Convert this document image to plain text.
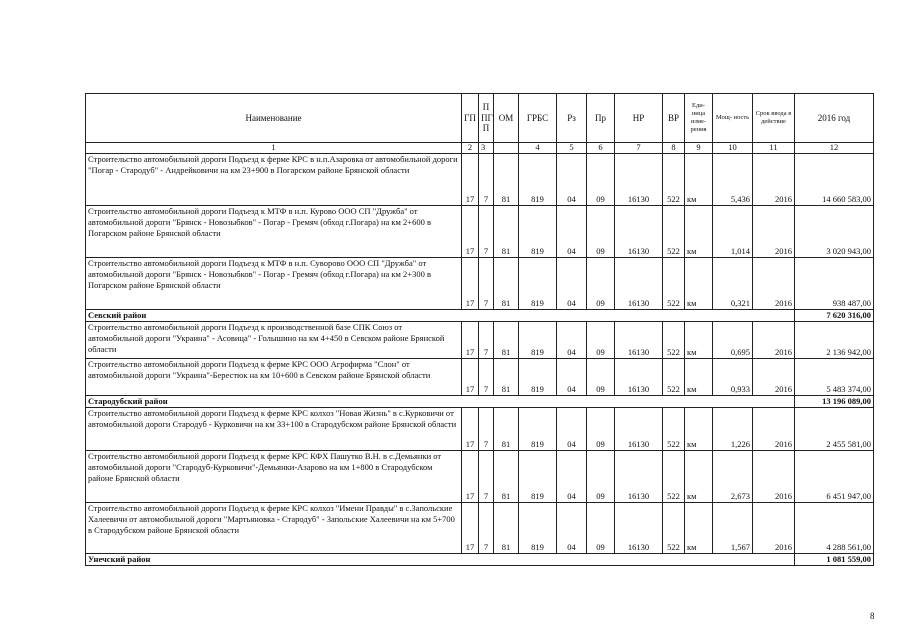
Наименование	ГП	П ПГ П	ОМ	ГРБС	Рз	Пр	НР	ВР	Еди- ница изме- рения	Мощ- ность	Срок ввода в действие	2016 год
1	2	3		4	5	6	7	8	9	10	11	12
Строительство автомобильной дороги Подъезд к ферме КРС в н.п.Азаровка от автомобильной дороги "Погар - Стародуб" - Андрейковичи на км 23+900 в Погарском районе Брянской области	17	7	81	819	04	09	16130	522	км	5,436	2016	14 660 583,00
Строительство автомобильной дороги Подъезд к МТФ в н.п. Курово ООО СП "Дружба" от автомобильной дороги "Брянск - Новозыбков" - Погар - Гремяч (обход г.Погара) на км 2+600 в Погарском районе Брянской области	17	7	81	819	04	09	16130	522	км	1,014	2016	3 020 943,00
Строительство автомобильной дороги Подъезд к МТФ в н.п. Суворово ООО СП "Дружба" от автомобильной дороги "Брянск - Новозыбков" - Погар - Гремяч (обход г.Погара) на км 2+300 в Погарском районе Брянской области	17	7	81	819	04	09	16130	522	км	0,321	2016	938 487,00
Севский район												7 620 316,00
Строительство автомобильной дороги Подъезд к производственной базе СПК Союз от автомобильной дороги "Украина" - Асовица" - Голышино на км 4+450 в Севском районе Брянской области	17	7	81	819	04	09	16130	522	км	0,695	2016	2 136 942,00
Строительство автомобильной дороги Подъезд к ферме КРС ООО Агрофирма "Слон" от автомобильной дороги "Украина"-Берестюк на км 10+600 в Севском районе Брянской области	17	7	81	819	04	09	16130	522	км	0,933	2016	5 483 374,00
Стародубский район												13 196 089,00
Строительство автомобильной дороги Подъезд к ферме КРС колхоз "Новая Жизнь" в с.Курковичи от автомобильной дороги Стародуб - Курковичи на км 33+100 в Стародубском районе Брянской области	17	7	81	819	04	09	16130	522	км	1,226	2016	2 455 581,00
Строительство автомобильной дороги Подъезд к ферме КРС КФХ Пашутко В.Н. в с.Демьянки от автомобильной дороги "Стародуб-Курковичи"-Демьянки-Азарово на км 1+800 в Стародубском районе Брянской области	17	7	81	819	04	09	16130	522	км	2,673	2016	6 451 947,00
Строительство автомобильной дороги Подъезд к ферме КРС колхоз "Имени Правды" в с.Запольские Халеевичи от автомобильной дороги "Мартьяновка - Стародуб" - Запольские Халеевичи на км 5+700 в Стародубском районе Брянской области	17	7	81	819	04	09	16130	522	км	1,567	2016	4 288 561,00
Унечский район												1 081 559,00
8
